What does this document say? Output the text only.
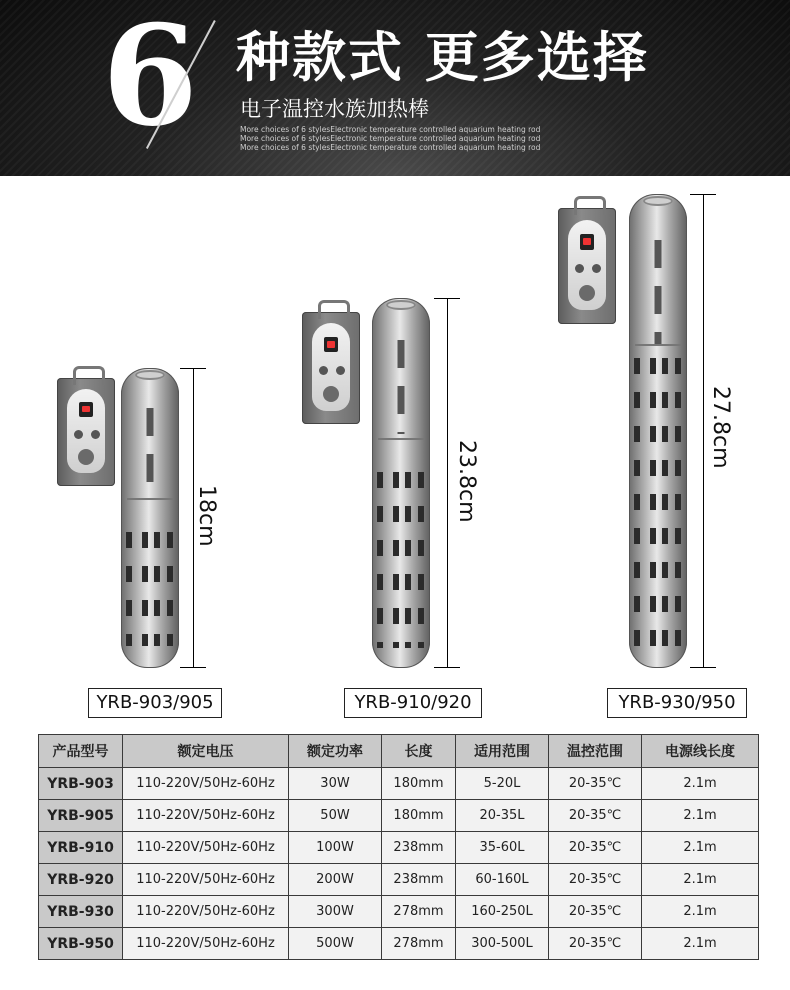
6 种款式 更多选择
电子温控水族加热棒
More choices of 6 stylesElectronic temperature controlled aquarium heating rod
More choices of 6 stylesElectronic temperature controlled aquarium heating rod
More choices of 6 stylesElectronic temperature controlled aquarium heating rod
18cm
YRB-903/905
23.8cm
YRB-910/920
27.8cm
YRB-930/950
产品型号	额定电压	额定功率	长度	适用范围	温控范围	电源线长度
YRB-903	110-220V/50Hz-60Hz	30W	180mm	5-20L	20-35℃	2.1m
YRB-905	110-220V/50Hz-60Hz	50W	180mm	20-35L	20-35℃	2.1m
YRB-910	110-220V/50Hz-60Hz	100W	238mm	35-60L	20-35℃	2.1m
YRB-920	110-220V/50Hz-60Hz	200W	238mm	60-160L	20-35℃	2.1m
YRB-930	110-220V/50Hz-60Hz	300W	278mm	160-250L	20-35℃	2.1m
YRB-950	110-220V/50Hz-60Hz	500W	278mm	300-500L	20-35℃	2.1m
